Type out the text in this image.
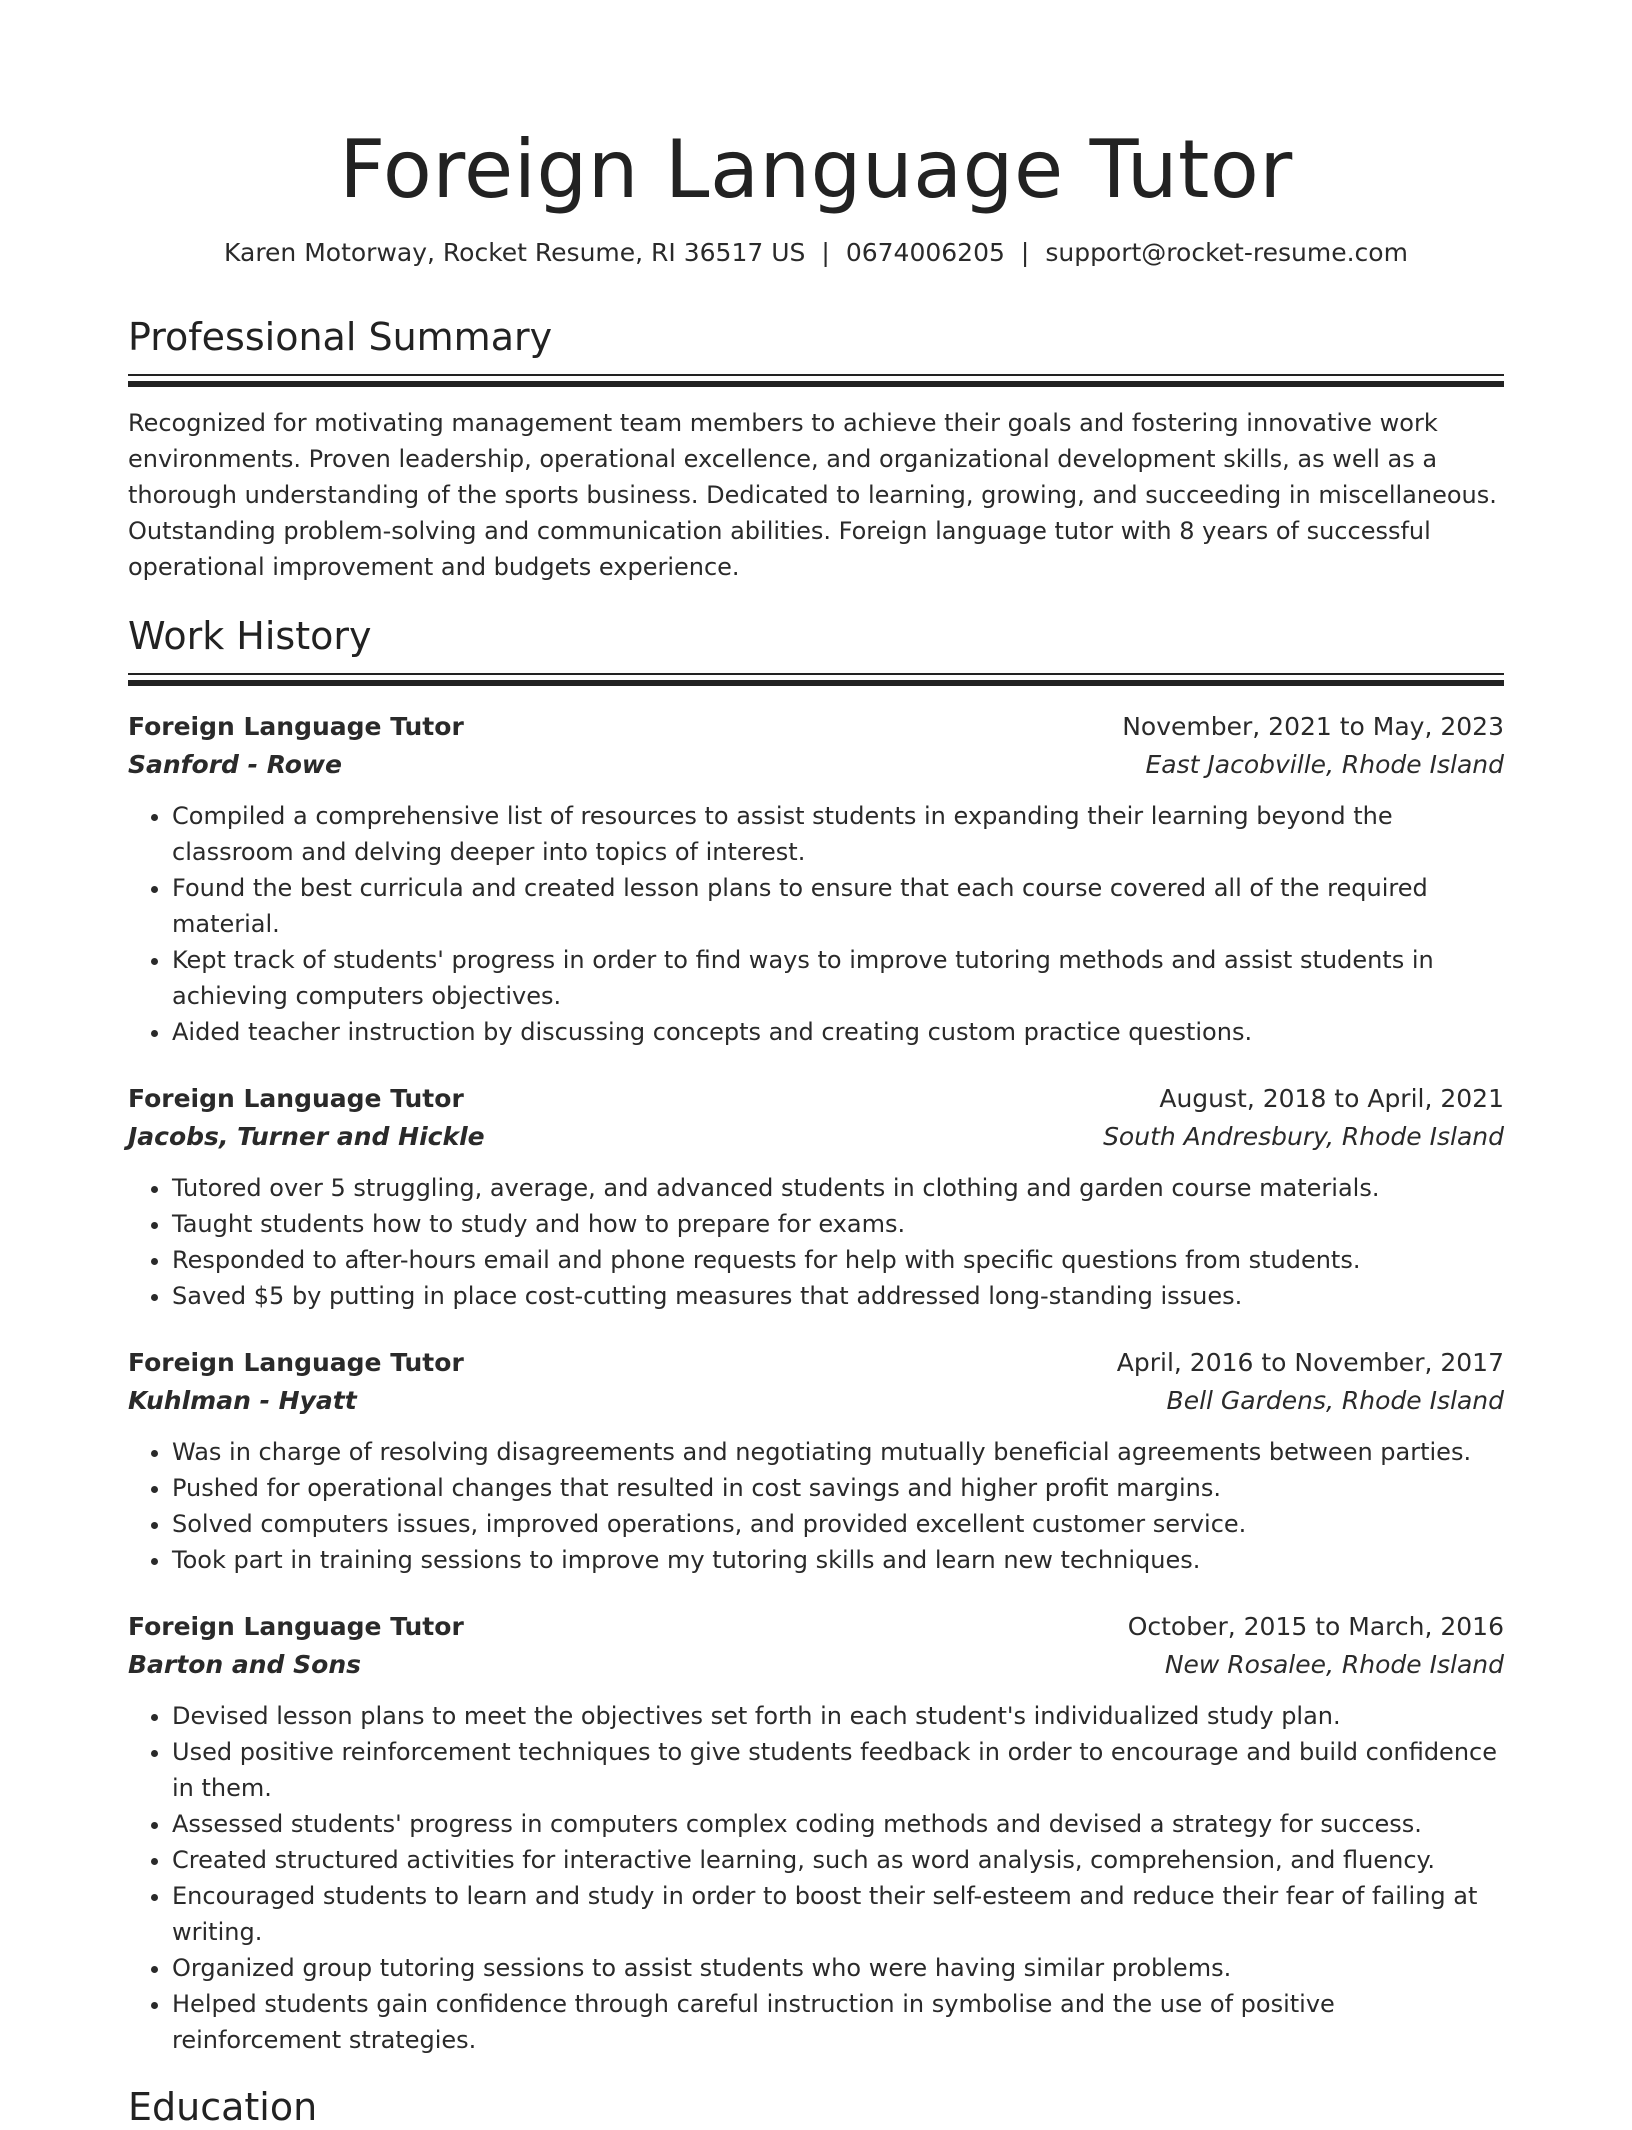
Foreign Language Tutor
Karen Motorway, Rocket Resume, RI 36517 US | 0674006205 | support@rocket-resume.com
Professional Summary

Recognized for motivating management team members to achieve their goals and fostering innovative work environments. Proven leadership, operational excellence, and organizational development skills, as well as a thorough understanding of the sports business. Dedicated to learning, growing, and succeeding in miscellaneous. Outstanding problem-solving and communication abilities. Foreign language tutor with 8 years of successful operational improvement and budgets experience.

Work History
Foreign Language Tutor	November, 2021 to May, 2023
Sanford - Rowe	East Jacobville, Rhode Island
• Compiled a comprehensive list of resources to assist students in expanding their learning beyond the classroom and delving deeper into topics of interest.
• Found the best curricula and created lesson plans to ensure that each course covered all of the required material.
• Kept track of students' progress in order to find ways to improve tutoring methods and assist students in achieving computers objectives.
• Aided teacher instruction by discussing concepts and creating custom practice questions.
Foreign Language Tutor	August, 2018 to April, 2021
Jacobs, Turner and Hickle	South Andresbury, Rhode Island
• Tutored over 5 struggling, average, and advanced students in clothing and garden course materials.
• Taught students how to study and how to prepare for exams.
• Responded to after-hours email and phone requests for help with specific questions from students.
• Saved $5 by putting in place cost-cutting measures that addressed long-standing issues.
Foreign Language Tutor	April, 2016 to November, 2017
Kuhlman - Hyatt	Bell Gardens, Rhode Island
• Was in charge of resolving disagreements and negotiating mutually beneficial agreements between parties.
• Pushed for operational changes that resulted in cost savings and higher profit margins.
• Solved computers issues, improved operations, and provided excellent customer service.
• Took part in training sessions to improve my tutoring skills and learn new techniques.
Foreign Language Tutor	October, 2015 to March, 2016
Barton and Sons	New Rosalee, Rhode Island
• Devised lesson plans to meet the objectives set forth in each student's individualized study plan.
• Used positive reinforcement techniques to give students feedback in order to encourage and build confidence in them.
• Assessed students' progress in computers complex coding methods and devised a strategy for success.
• Created structured activities for interactive learning, such as word analysis, comprehension, and fluency.
• Encouraged students to learn and study in order to boost their self-esteem and reduce their fear of failing at writing.
• Organized group tutoring sessions to assist students who were having similar problems.
• Helped students gain confidence through careful instruction in symbolise and the use of positive reinforcement strategies.
Education
